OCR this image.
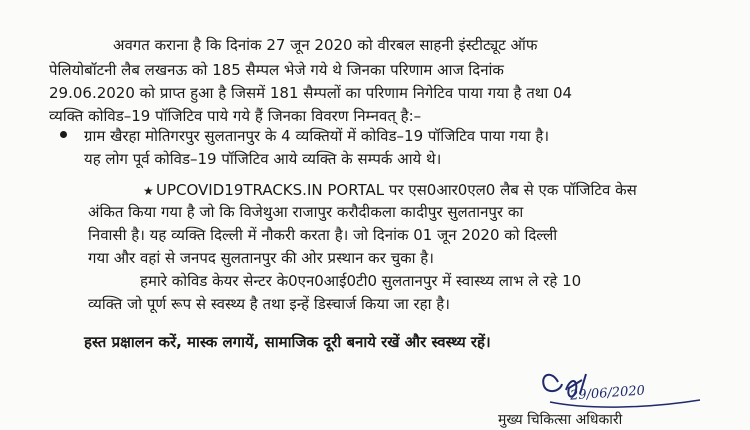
अवगत कराना है कि दिनांक 27 जून 2020 को वीरबल साहनी इंस्टीट्यूट ऑफ
पेलियोबॉटनी लैब लखनऊ को 185 सैम्पल भेजे गये थे जिनका परिणाम आज दिनांक
29.06.2020 को प्राप्त हुआ है जिसमें 181 सैम्पलों का परिणाम निगेटिव पाया गया है तथा 04
व्यक्ति कोविड–19 पॉजिटिव पाये गये हैं जिनका विवरण निम्नवत् है:–
ग्राम खैरहा मोतिगरपुर सुलतानपुर के 4 व्यक्तियों में कोविड–19 पॉजिटिव पाया गया है।
यह लोग पूर्व कोविड–19 पॉजिटिव आये व्यक्ति के सम्पर्क आये थे।
★ UPCOVID19TRACKS.IN PORTAL पर एस0आर0एल0 लैब से एक पॉजिटिव केस
अंकित किया गया है जो कि विजेथुआ राजापुर करौदीकला कादीपुर सुलतानपुर का
निवासी है। यह व्यक्ति दिल्ली में नौकरी करता है। जो दिनांक 01 जून 2020 को दिल्ली
गया और वहां से जनपद सुलतानपुर की ओर प्रस्थान कर चुका है।
हमारे कोविड केयर सेन्टर के0एन0आई0टी0 सुलतानपुर में स्वास्थ्य लाभ ले रहे 10
व्यक्ति जो पूर्ण रूप से स्वस्थ्य है तथा इन्हें डिस्चार्ज किया जा रहा है।
हस्त प्रक्षालन करें, मास्क लगायें, सामाजिक दूरी बनाये रखें और स्वस्थ्य रहें।
29/06/2020
मुख्य चिकित्सा अधिकारी
